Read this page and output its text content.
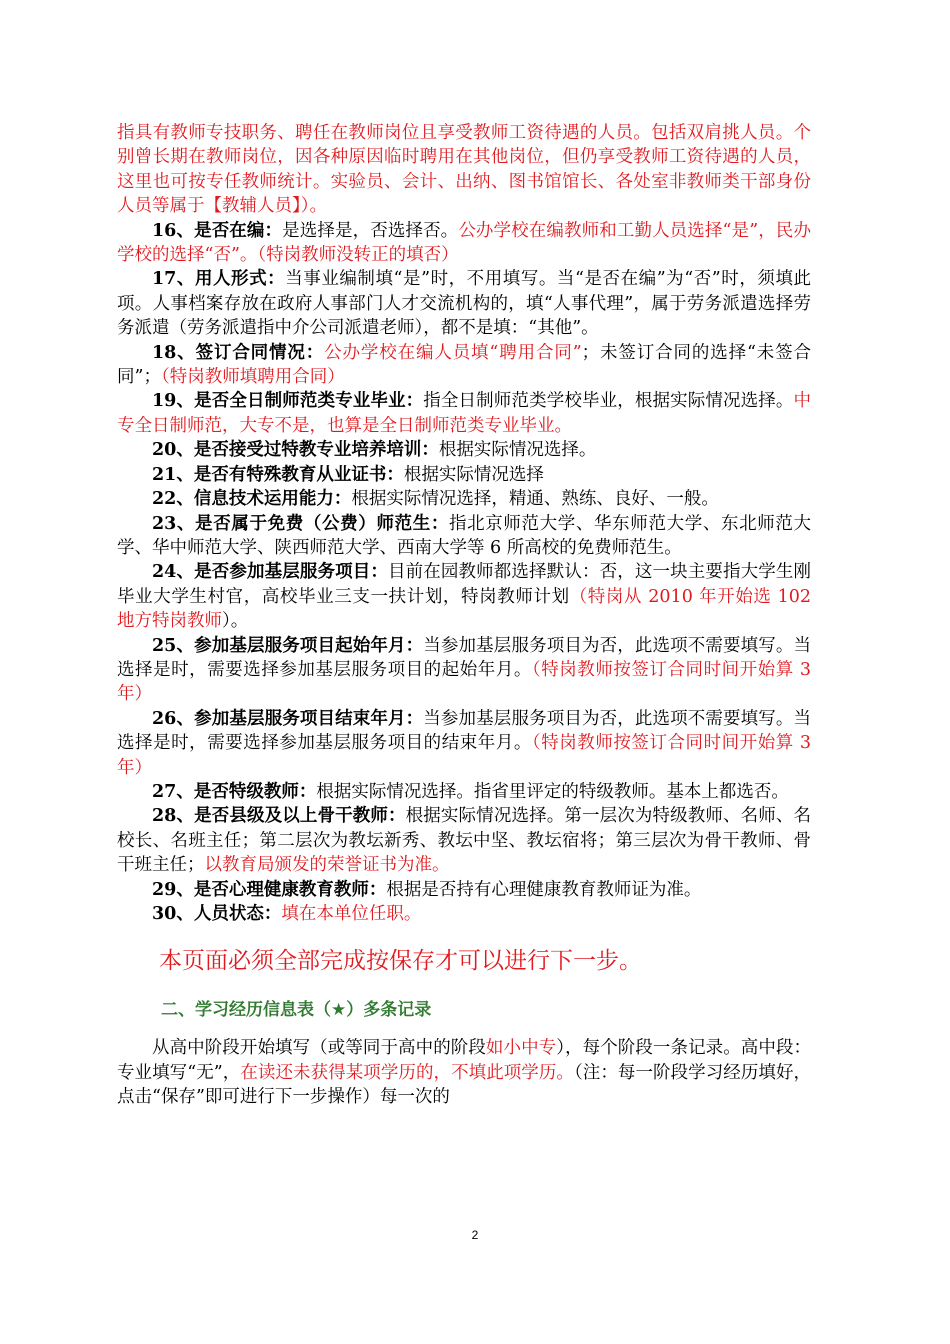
指具有教师专技职务、聘任在教师岗位且享受教师工资待遇的人员。包括双肩挑人员。个别曾长期在教师岗位，因各种原因临时聘用在其他岗位，但仍享受教师工资待遇的人员，这里也可按专任教师统计。实验员、会计、出纳、图书馆馆长、各处室非教师类干部身份人员等属于【教辅人员】）。

16、是否在编：是选择是，否选择否。公办学校在编教师和工勤人员选择“是”，民办学校的选择“否”。（特岗教师没转正的填否）

17、用人形式：当事业编制填“是”时，不用填写。当“是否在编”为“否”时，须填此项。人事档案存放在政府人事部门人才交流机构的，填“人事代理”，属于劳务派遣选择劳务派遣（劳务派遣指中介公司派遣老师），都不是填：“其他”。

18、签订合同情况：公办学校在编人员填“聘用合同”；未签订合同的选择“未签合同”；（特岗教师填聘用合同）

19、是否全日制师范类专业毕业：指全日制师范类学校毕业，根据实际情况选择。中专全日制师范，大专不是，也算是全日制师范类专业毕业。

20、是否接受过特教专业培养培训：根据实际情况选择。

21、是否有特殊教育从业证书：根据实际情况选择

22、信息技术运用能力：根据实际情况选择，精通、熟练、良好、一般。

23、是否属于免费（公费）师范生：指北京师范大学、华东师范大学、东北师范大学、华中师范大学、陕西师范大学、西南大学等 6 所高校的免费师范生。

24、是否参加基层服务项目：目前在园教师都选择默认：否，这一块主要指大学生刚毕业大学生村官，高校毕业三支一扶计划，特岗教师计划（特岗从 2010 年开始选 102 地方特岗教师）。

25、参加基层服务项目起始年月：当参加基层服务项目为否，此选项不需要填写。当选择是时，需要选择参加基层服务项目的起始年月。（特岗教师按签订合同时间开始算 3 年）

26、参加基层服务项目结束年月：当参加基层服务项目为否，此选项不需要填写。当选择是时，需要选择参加基层服务项目的结束年月。（特岗教师按签订合同时间开始算 3 年）

27、是否特级教师：根据实际情况选择。指省里评定的特级教师。基本上都选否。

28、是否县级及以上骨干教师：根据实际情况选择。第一层次为特级教师、名师、名校长、名班主任；第二层次为教坛新秀、教坛中坚、教坛宿将；第三层次为骨干教师、骨干班主任；以教育局颁发的荣誉证书为准。

29、是否心理健康教育教师：根据是否持有心理健康教育教师证为准。

30、人员状态：填在本单位任职。

本页面必须全部完成按保存才可以进行下一步。
二、学习经历信息表（★）多条记录

从高中阶段开始填写（或等同于高中的阶段如小中专），每个阶段一条记录。高中段：专业填写“无”，在读还未获得某项学历的，不填此项学历。（注：每一阶段学习经历填好，点击“保存”即可进行下一步操作）每一次的

2
